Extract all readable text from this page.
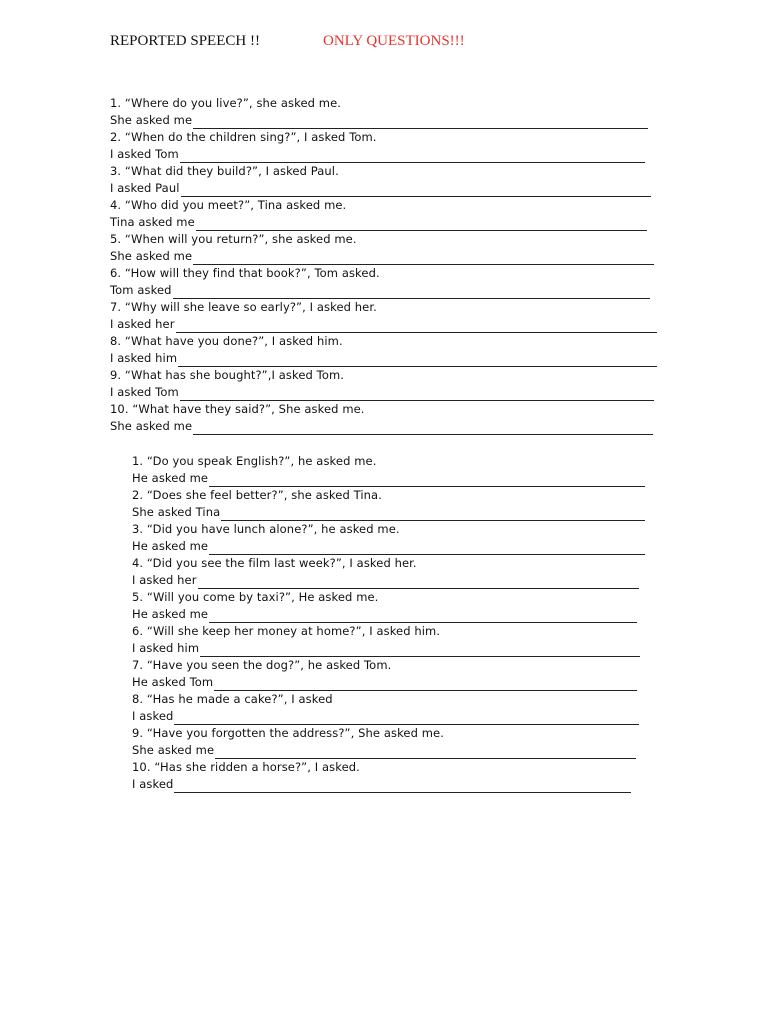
REPORTED SPEECH !!	ONLY QUESTIONS!!!
1. “Where do you live?”, she asked me.
She asked me
2. “When do the children sing?”, I asked Tom.
I asked Tom
3. “What did they build?”, I asked Paul.
I asked Paul
4. “Who did you meet?”, Tina asked me.
Tina asked me
5. “When will you return?”, she asked me.
She asked me
6. “How will they find that book?”, Tom asked.
Tom asked
7. “Why will she leave so early?”, I asked her.
I asked her
8. “What have you done?”, I asked him.
I asked him
9. “What has she bought?”,I asked Tom.
I asked Tom
10. “What have they said?”, She asked me.
She asked me
1. “Do you speak English?”, he asked me.
He asked me
2. “Does she feel better?”, she asked Tina.
She asked Tina
3. “Did you have lunch alone?”, he asked me.
He asked me
4. “Did you see the film last week?”, I asked her.
I asked her
5. “Will you come by taxi?”, He asked me.
He asked me
6. “Will she keep her money at home?”, I asked him.
I asked him
7. “Have you seen the dog?”, he asked Tom.
He asked Tom
8. “Has he made a cake?”, I asked
I asked
9. “Have you forgotten the address?”, She asked me.
She asked me
10. “Has she ridden a horse?”, I asked.
I asked
